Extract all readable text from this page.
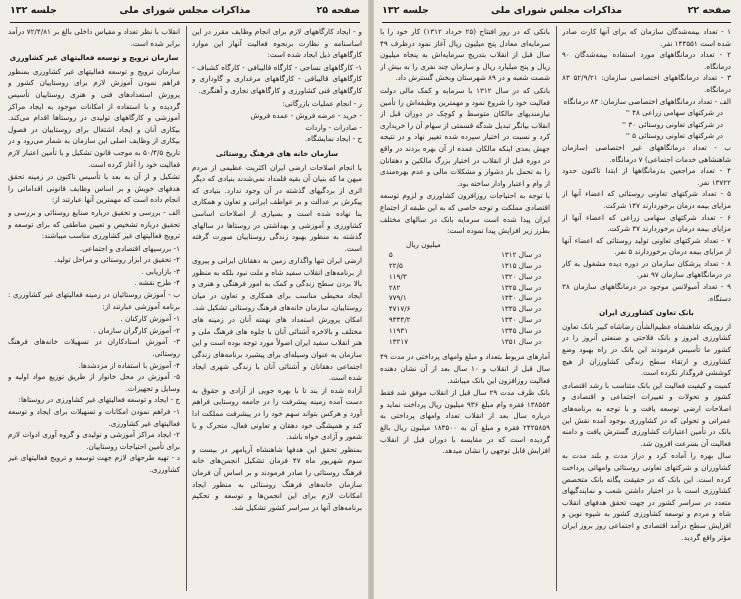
صفحه ۲۵
مذاکرات مجلس شورای ملی
جلسه ۱۳۲

و - ایجاد کارگاههای لازم برای انجام وظایف مقرر در این اساسنامه و نظارت برنحوه فعالیت آنهاز این موارد کارگاههای ذیل ایجاد شده است:

۱- کارگاههای نساجی - کارگاه قالیبافی - کارگاه کشباف - کارگاههای قالیبافی - کارگاههای مرغداری و گاوداری و کارگاههای فنی کشاورزی و کارگاههای نجاری و آهنگری.

ز - انجام عملیات بازرگانی:

- خرید - عرضه فروش - عمده فروش

- صادرات - واردات

ح - ایجاد نمایشگاه.

سازمان خانه های فرهنگ روستائی

با انجام اصلاحات ارضی ایران اکثریت عظیمی از مردم میهن ما که بنیان آن بقیه قلمداد نمی‌شدند بنیادی که دیگر اثری از بردگیهای گذشته در آن وجود ندارد. بنیادی که پیکرش بر عدالت و بر عواطف ایرانی و تعاون و همکاری بنا نهاده شده است و بسیاری از اصلاحات اساسی کشاورزی و آموزشی و بهداشتی در روستاها در سالهای گذشته به منظور بهبود زندگی روستاییان صورت گرفته است.

ارضی ایران تنها واگذاری زمین به دهقانان ایرانی و پیروی از برنامه‌های انقلاب سفید شاه و ملت نبود بلکه به منظور بالا بردن سطح زندگی و کمک به امور فرهنگی و هنری و ایجاد محیطی مناسب برای همکاری و تعاون در میان روستاییان، سازمان خانه‌های فرهنگ روستائی تشکیل شد.

امکان پرورش استعداد های نهفته آنان در زمینه های مختلف و بالاخره آشنائی آنان با جلوه های فرهنگ ملی و هنر انقلاب سفید ایران اصولاً مورد توجه بوده است و این سازمان به عنوان وسیله‌ای برای پیشبرد برنامه‌های زندگی اجتماعی دهقانان و آشنائی آنان با زندگی شهری ایجاد شده است.

آزاده شده از بند تا با بهره جویی از آزادی و حقوق به دست آمده زمینه پیشرفت را در جامعه روستایی فراهم آورد و هرکس بتواند سهم خود را در پیشرفت مملکت ادا کند و همیشگی خود دهقان و تعاونی فعال، متحرک و با شعور و آزادی خواه باشد.

بمنظور تحقق این هدفها شاهنشاه آریامهر در بیست و سوم شهریور ماه ۴۷ فرمان تشکیل انجمن‌های خانه فرهنگ روستائی را صادر فرمودند و بر اساس آن فرمان سازمان خانه‌های فرهنگ روستائی به منظور ایجاد امکانات لازم برای این انجمن‌ها و توسعه و تحکیم برنامه‌های آنها در سراسر کشور تشکیل شد.

انقلاب با نظر تعداد و مقیاس داخلی بالغ بر ۷۲/۴/۸۱ درآمد برابر شده است.

سازمان ترویج و توسعه فعالیتهای غیر کشاورزی

سازمان ترویج و توسعه فعالیتهای غیر کشاورزی بمنظور فراهم نمودن آموزش لازم برای روستاییان کشور و پرورش استعدادهای فنی و هنری روستاییان تأسیس گردیده و با استفاده از امکانات موجود به ایجاد مراکز آموزشی و کارگاههای تولیدی در روستاها اقدام می‌کند. بیکاری آنان و ایجاد اشتغال برای روستاییان در فصول بیکاری از وظایف اصلی این سازمان به شمار می‌رود و در تاریخ ۵۰/۴/۵ به موجب قانون تشکیل و با تأمین اعتبار لازم فعالیت خود را آغاز کرده است.

تشکیل و از آن به بعد با تأسیس تاکنون در زمینه تحقق هدفهای خویش و بر اساس وظایف قانونی اقداماتی را انجام داده است که مهمترین آنها عبارتند از:

الف - بررسی و تحقیق درباره صنایع روستائی و بررسی و تحقیق درباره تشخیص و تعیین مناطقی که برای توسعه و ترویج فعالیتهای غیر کشاورزی مناسب میباشند:

۱- بررسیهای اقتصادی و اجتماعی.

۲- تحقیق در ابزار روستائی و مراحل تولید.

۳- بازاریابی .

۴- طرح نقشه .

ب - آموزش روستائیان در زمینه فعالیتهای غیر کشاورزی : برنامه آموزشی عبارتند از:

۱- آموزش کارکنان .

۲- آموزش کارگران سازمان .

۳- آموزش استادکاران در تسهیلات خانه‌های فرهنگ روستائی.

۴- آموزش با استفاده از مزدشدها.

۵- آموزش در محل خانوار از طریق توزیع مواد اولیه و وسایل و تجهیزات.

ج - ایجاد و توسعه فعالیتهای غیر کشاورزی در روستاها:

۱- فراهم نمودن امکانات و تسهیلات برای ایجاد و توسعه فعالیتهای غیر کشاورزی.

۲- ایجاد مراکز آموزشی و تولیدی و گروه آوری ادوات لازم برای تأمین احتیاجات روستاییان.

د - تهیه طرحهای لازم جهت توسعه و ترویج فعالیتهای غیر کشاورزی.

صفحه ۲۲
مذاکرات مجلس شورای ملی
جلسه ۱۳۲

۱ - تعداد بیمه‌شدگان سازمان که برای آنها کارت صادر شده است ۱۴۴۵۵۱ نفر.

۲ - تعداد درمانگاههای مورد استفاده بیمه‌شدگان ۹۰ درمانگاه.

۳ - تعداد درمانگاههای اختصاصی سازمان: ۵۲/۹/۲۱ ۸۳ درمانگاه.

الف - تعداد درمانگاههای اختصاصی سازمان: ۸۳ درمانگاه

در شرکتهای سهامی زراعی ۴۸ ''

در شرکتهای تعاونی روستائی ۳۰ ''

در شرکتهای تعاونی روستائی ۵ ''

ب - تعداد درمانگاههای غیر اختصاصی (سازمان شاهنشاهی خدمات اجتماعی) ۷ درمانگاه.

۴ - تعداد مراجعین بدرمانگاهها از ابتدا تاکنون حدود ۱۳۷۲۲ نفر.

۵ - تعداد شرکتهای تعاونی روستائی که اعضاء آنها از مزایای بیمه درمان برخوردارند ۱۴۷ شرکت.

۶ - تعداد شرکتهای سهامی زراعی که اعضاء آنها از مزایای بیمه درمان برخوردارند ۳۷ شرکت.

۷ - تعداد شرکتهای تعاونی تولید روستائی که اعضاء آنها از مزایای بیمه درمان برخوردارند ۵ نفر.

۸ - تعداد پزشکان سازمان در دوره دیده مشغول به کار در درمانگاههای سازمان ۹۷ نفر.

۹ - تعداد آمبولانس موجود در درمانگاههای سازمان ۳۸ دستگاه.

بانک تعاون کشاورزی ایران

از روزیکه شاهنشاه عظیم‌الشأن رضاشاه کبیر بانک تعاون کشاورزی امروز و بانک فلاحتی و صنعتی آنروز را در کشور ما تأسیس فرمودند این بانک در راه بهبود وضع کشاورزی و ارتقاء سطح زندگی کشاورزان از هیچ کوششی فروگذار نکرده است.

کمیت و کیفیت فعالیت این بانک متناسب با رشد اقتصادی کشور و تحولات و تغییرات اجتماعی و اقتصادی و اصلاحات ارضی توسعه یافت و با توجه به برنامه‌های عمرانی و تحولی که در کشاورزی بوجود آمده نقش این بانک در تأمین اعتبارات کشاورزی گسترش یافت و دامنه فعالیت آن بسرعت افزون شد.

سال بهره را آماده کرد و دراز مدت و بلند مدت به کشاورزان و شرکتهای تعاونی روستائی وامهائی پرداخت کرده است. این بانک که در حقیقت یگانه بانک متخصص کشاورزی است با در اختیار داشتن شعب و نمایندگیهای متعدد در سراسر کشور در جهت تحقق هدفهای انقلاب شاه و مردم و توسعه کشاورزی کشور به شیوه نوین و افزایش سطح درآمد اقتصادی و اجتماعی روز بروز ایران مؤثر واقع گردید.

بانکی که در روز افتتاح (۲۵ خرداد ۱۳۱۲) کار خود را با سرمایه‌ای معادل پنج میلیون ریال آغاز نمود درظرف ۴۹ سال قبل از انقلاب بتدریج سرمایه‌اش به پنجاه میلیون ریال و پنج میلیارد ریال و سازمان چند نفری را به بیش از شصت شعبه و در ۸۹ شهرستان وبخش گسترش داد.

بانکی که در سال ۱۳۱۲ با سرمایه و کمک مالی دولت فعالیت خود را شروع نمود و مهمترین وظیفه‌اش را تأمین نیازمندیهای مالکان متوسط و کوچک در دوران قبل از انقلاب بیانگر تبدیل شدگه قسمتی از سهام آن را خریداری کرد و نسبت در اختیار سپرده شده تغییر نهاد و در نتیجه جهش بعدی اینکه مالکان عمده از آن بهره بردند در واقع در دوره قبل از انقلاب در اختیار بزرگ مالکین و دهقانان را به تحمل بار دشوار و مشکلات مالی و عدم بهره‌مندی از وام و اعتبار وادار ساخته بود.

با توجه به احتیاجات روزافزون کشاورزی و لزوم توسعه اقتصادی مملکت و توجه خاصی که به این طبقه از اجتماع ایران پیدا شده است سرمایه بانک در سالهای مختلف بطرز زیر افزایش پیدا نموده است:

	میلیون ریال
در سال ۱۳۱۲	۵
در سال ۱۳۱۵	۲۲/۵
در سال ۱۳۲۰	۱۱۹/۳
در سال ۱۳۲۵	۲۸۲
در سال ۱۳۳۰	۷۷۹/۱
در سال ۱۳۳۵	۴۷۱۷/۶
در سال ۱۳۴۰	۹۳۳۴/۲
در سال ۱۳۴۵	۱۱۹۳۱
در سال ۱۳۵۱	۱۳۲۱۷

آمارهای مربوط بتعداد و مبلغ وامهای پرداختی در مدت ۴۹ سال قبل از انقلاب و ۱۰ سال بعد از آن نشان دهنده فعالیت روزافزون این بانک میباشد.

بانک ظرف مدت ۲۹ سال قبل از انقلاب موفق شد فقط ۱۳۸۵۵۴ فقره وام مبلغ ۹۳۶ میلیون ریال پرداخت نماید و درباره سال بعد از انقلاب تعداد وامهای پرداختی به ۲۴۲۵۸۵۹ فقره و مبلغ آن به ۱۸۳۵۰۰ میلیون ریال بالغ گردیده است که در مقایسه با دوران قبل از انقلاب افزایش قابل توجهی را نشان میدهد.
